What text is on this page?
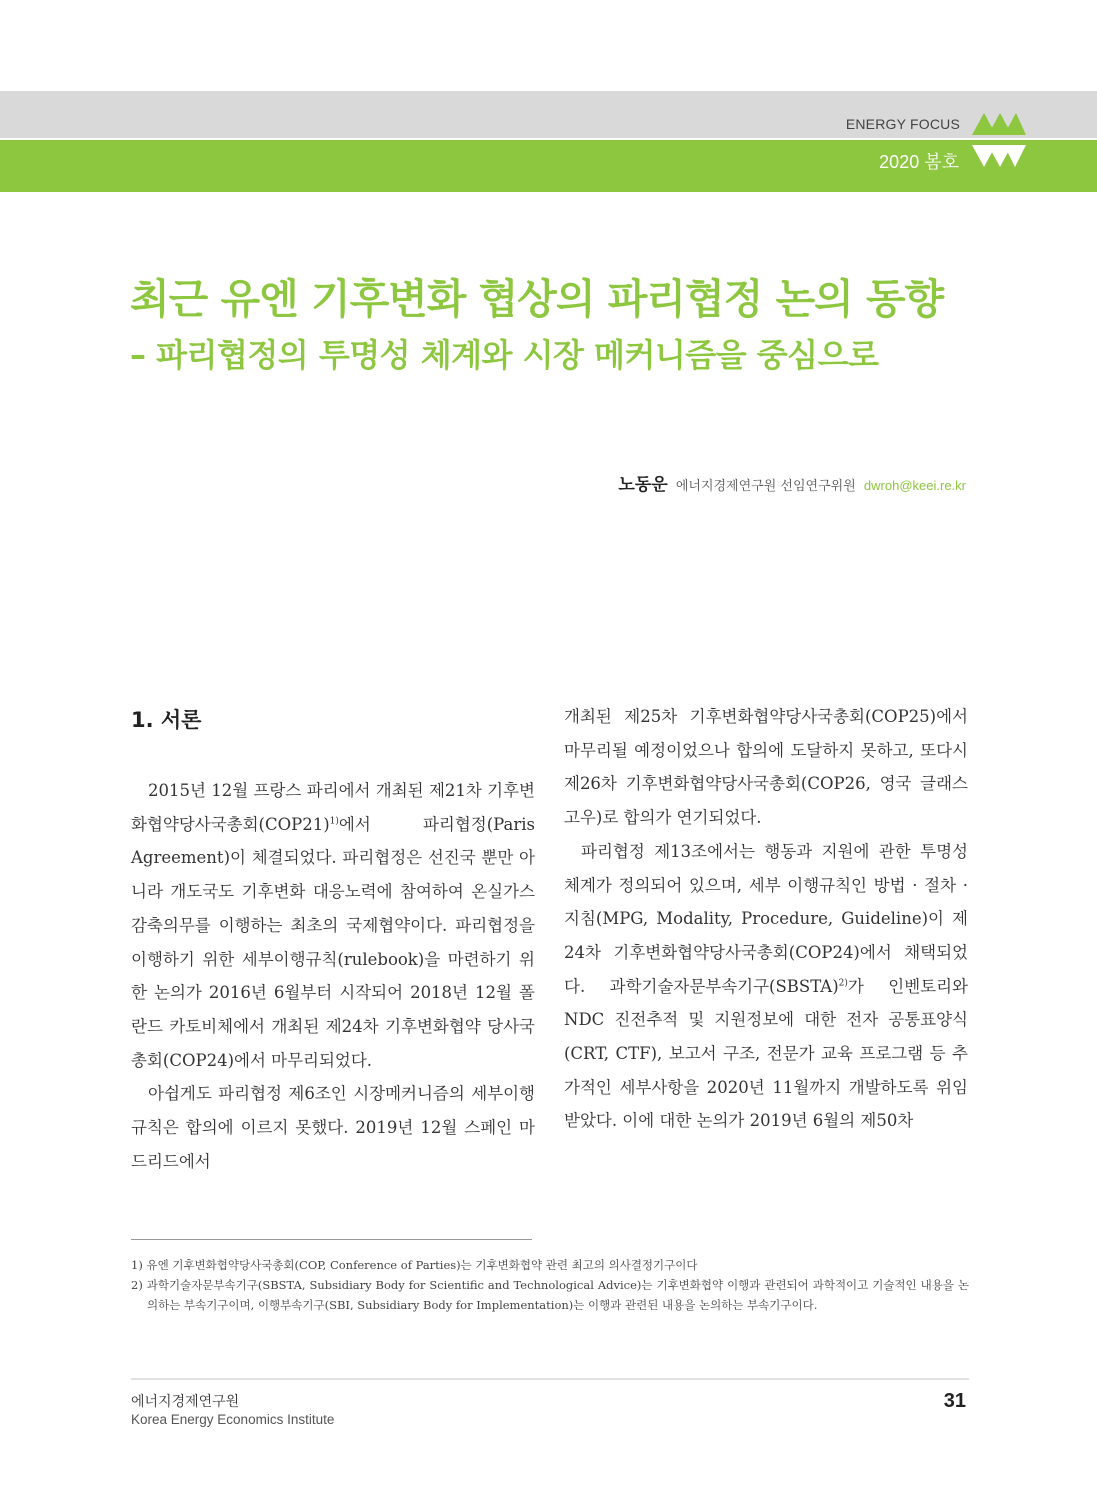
ENERGY FOCUS
2020 봄호
최근 유엔 기후변화 협상의 파리협정 논의 동향
– 파리협정의 투명성 체계와 시장 메커니즘을 중심으로
노동운 에너지경제연구원 선임연구위원 dwroh@keei.re.kr
1. 서론

2015년 12월 프랑스 파리에서 개최된 제21차 기후변화협약당사국총회$(COP21)^{1)}$에서 파리협정(Paris Agreement)이 체결되었다. 파리협정은 선진국 뿐만 아니라 개도국도 기후변화 대응노력에 참여하여 온실가스 감축의무를 이행하는 최초의 국제협약이다. 파리협정을 이행하기 위한 세부이행규칙(rulebook)을 마련하기 위한 논의가 2016년 6월부터 시작되어 2018년 12월 폴란드 카토비체에서 개최된 제24차 기후변화협약 당사국총회(COP24)에서 마무리되었다.

아쉽게도 파리협정 제6조인 시장메커니즘의 세부이행규칙은 합의에 이르지 못했다. 2019년 12월 스페인 마드리드에서

개최된 제25차 기후변화협약당사국총회(COP25)에서 마무리될 예정이었으나 합의에 도달하지 못하고, 또다시 제26차 기후변화협약당사국총회(COP26, 영국 글래스고우)로 합의가 연기되었다.

파리협정 제13조에서는 행동과 지원에 관한 투명성 체계가 정의되어 있으며, 세부 이행규칙인 방법 · 절차 · 지침(MPG, Modality, Procedure, Guideline)이 제24차 기후변화협약당사국총회(COP24)에서 채택되었다. 과학기술자문부속기구(SBSTA)$^{2)}$가 인벤토리와 NDC 진전추적 및 지원정보에 대한 전자 공통표양식(CRT, CTF), 보고서 구조, 전문가 교육 프로그램 등 추가적인 세부사항을 2020년 11월까지 개발하도록 위임받았다. 이에 대한 논의가 2019년 6월의 제50차

1) 유엔 기후변화협약당사국총회(COP, Conference of Parties)는 기후변화협약 관련 최고의 의사결정기구이다

2) 과학기술자문부속기구(SBSTA, Subsidiary Body for Scientific and Technological Advice)는 기후변화협약 이행과 관련되어 과학적이고 기술적인 내용을 논의하는 부속기구이며, 이행부속기구(SBI, Subsidiary Body for Implementation)는 이행과 관련된 내용을 논의하는 부속기구이다.

에너지경제연구원
Korea Energy Economics Institute
31
